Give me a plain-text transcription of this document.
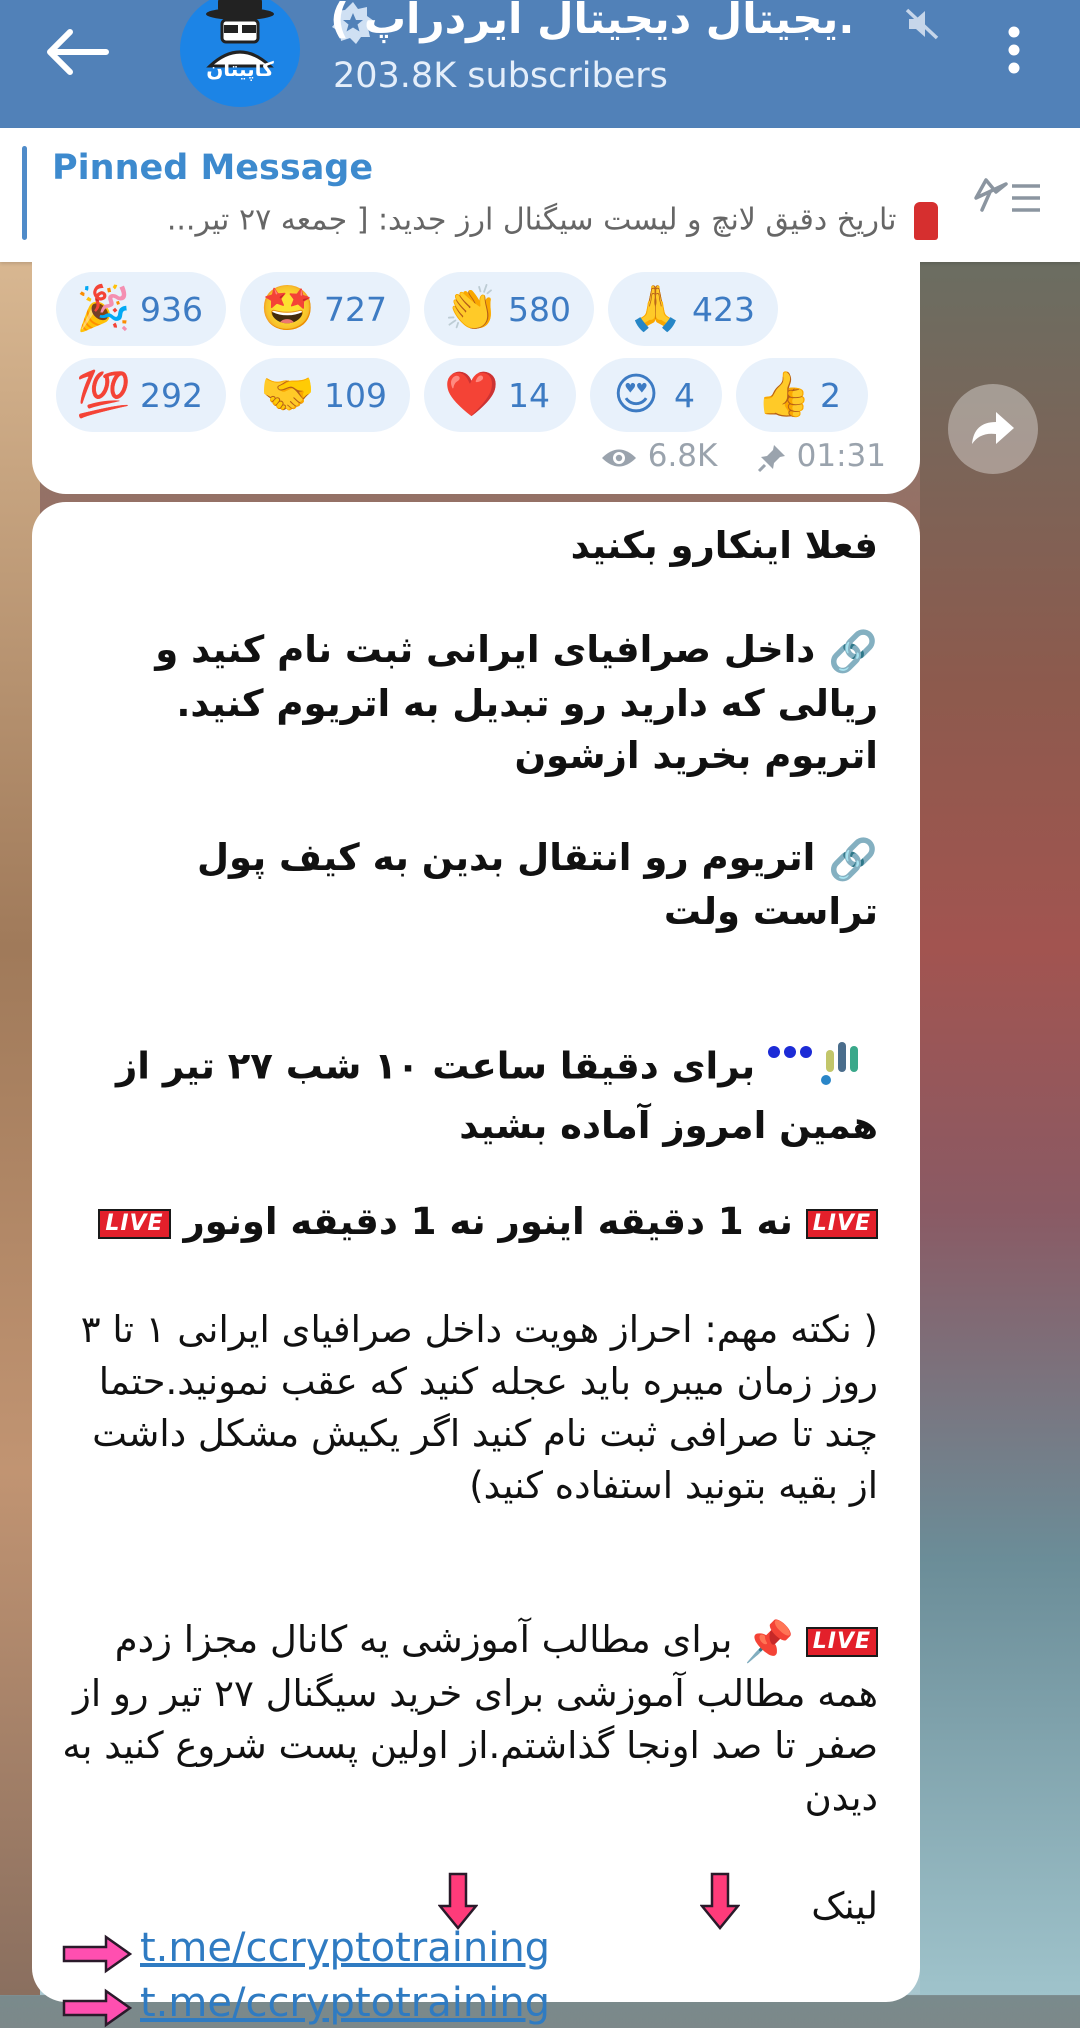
کاپیتان
.یجیتال دیجیتال ایردراپ )
203.8K subscribers
Pinned Message
تاریخ دقیق لانچ و لیست سیگنال ارز جدید: [ جمعه ۲۷ تیر...
🎉 936 🤩 727 👏 580 🙏 423
💯 292 🤝 109 ❤️ 14 😍 4 👍 2
6.8K	01:31
فعلا اینکارو بکنید
🔗 داخل صرافیای ایرانی ثبت نام کنید و ریالی که دارید رو تبدیل به اتریوم کنید. اتریوم بخرید ازشون
🔗 اتریوم رو انتقال بدین به کیف پول تراست ولت
برای دقیقا ساعت ۱۰ شب ۲۷ تیر از همین امروز آماده بشید
LIVE نه 1 دقیقه اینور نه 1 دقیقه اونور LIVE
( نکته مهم: احراز هویت داخل صرافیای ایرانی ۱ تا ۳ روز زمان میبره باید عجله کنید که عقب نمونید.حتما چند تا صرافی ثبت نام کنید اگر یکیش مشکل داشت از بقیه بتونید استفاده کنید)
LIVE 📌 برای مطالب آموزشی یه کانال مجزا زدم همه مطالب آموزشی برای خرید سیگنال ۲۷ تیر رو از صفر تا صد اونجا گذاشتم.از اولین پست شروع کنید به دیدن
لینک
t.me/ccryptotraining
t.me/ccryptotraining
